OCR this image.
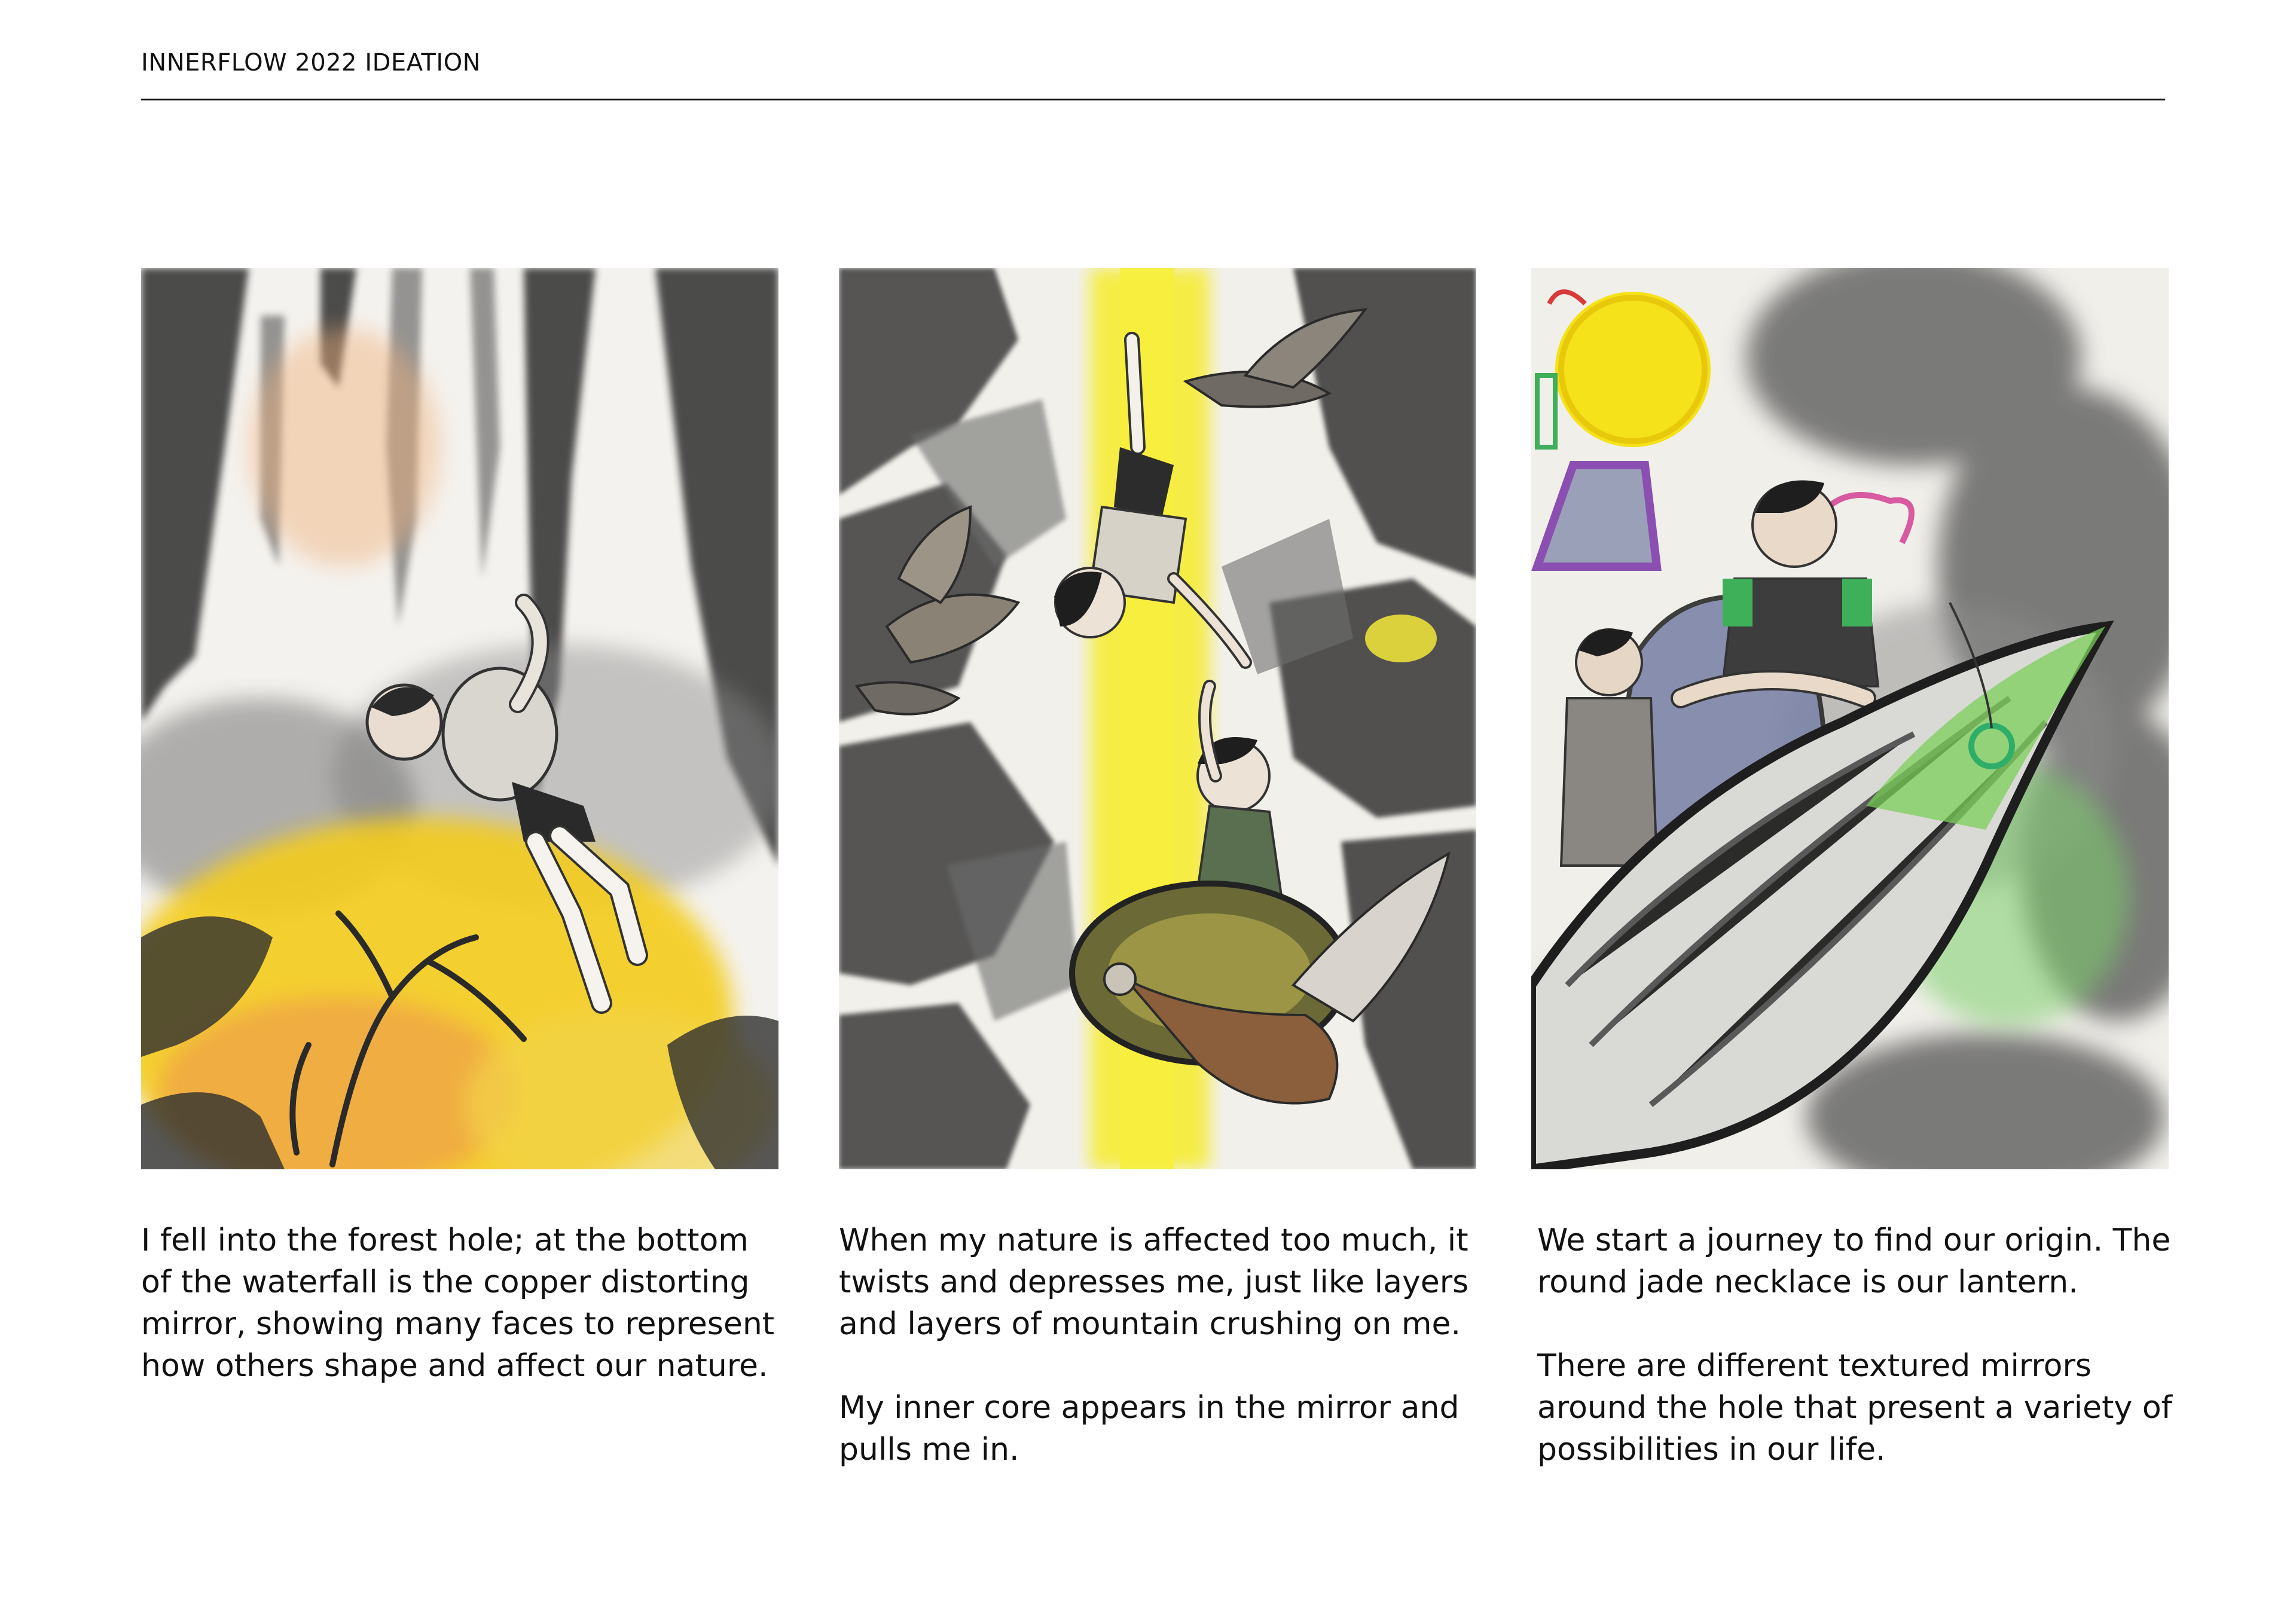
INNERFLOW 2022 IDEATION

I fell into the forest hole; at the bottom of the waterfall is the copper distorting mirror, showing many faces to represent how others shape and affect our nature.

When my nature is affected too much, it twists and depresses me, just like layers and layers of mountain crushing on me.

My inner core appears in the mirror and pulls me in.

We start a journey to find our origin. The round jade necklace is our lantern.

There are different textured mirrors around the hole that present a variety of possibilities in our life.
